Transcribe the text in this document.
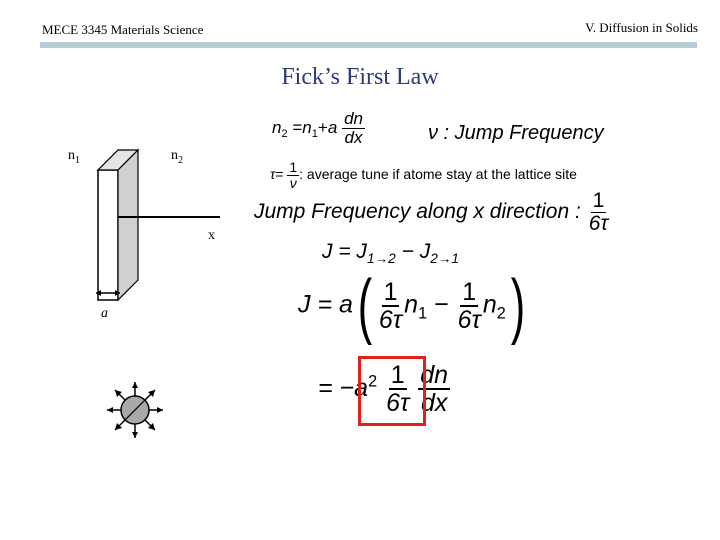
MECE 3345 Materials Science	V. Diffusion in Solids
Fick’s First Law
$n_1$	$n_2$
x
a
$n_2 =n_1+a \frac{dn}{dx}$	ν : Jump Frequency
$\tau= \frac{1}{\nu}$ : average tune if atome stay at the lattice site
Jump Frequency along x direction : $\frac{1}{6\tau}$
$J = J_{1\to 2} - J_{2\to 1}$
$J = a( \frac{1}{6\tau} n_1 - \frac{1}{6\tau} n_2)$
= $-a^2 \frac{1}{6\tau}$
$\frac{dn}{dx}$
